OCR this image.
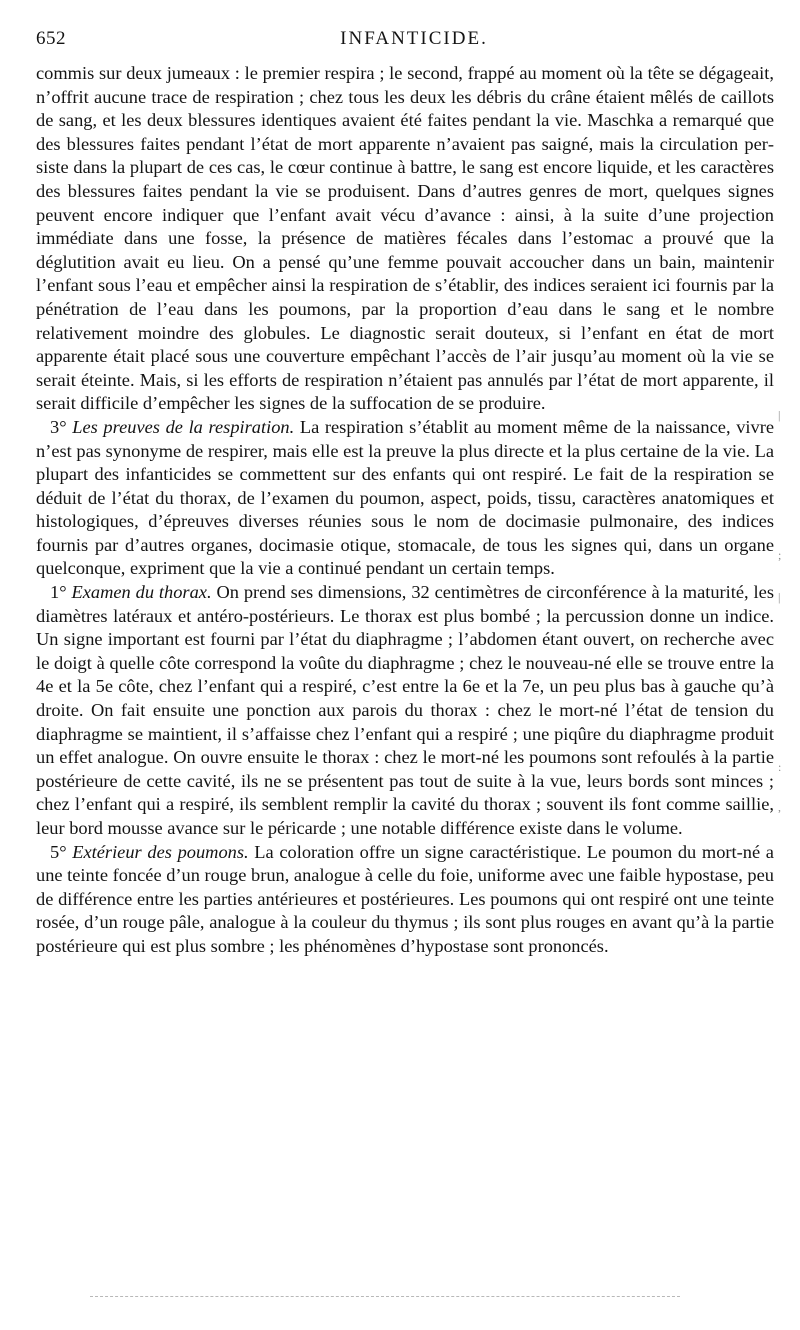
652	INFANTICIDE.

commis sur deux jumeaux : le premier respira ; le second, frappé au moment où la tête se dégageait, n’offrit aucune trace de respiration ; chez tous les deux les débris du crâne étaient mêlés de caillots de sang, et les deux blessures identiques avaient été faites pendant la vie. Maschka a remarqué que des blessures faites pendant l’état de mort apparente n’avaient pas saigné, mais la circulation persiste dans la plupart de ces cas, le cœur continue à battre, le sang est encore liquide, et les caractères des blessures faites pendant la vie se produisent. Dans d’autres genres de mort, quelques signes peuvent encore indiquer que l’enfant avait vécu d’avance : ainsi, à la suite d’une projection immédiate dans une fosse, la présence de matières fécales dans l’estomac a prouvé que la déglutition avait eu lieu. On a pensé qu’une femme pouvait accoucher dans un bain, maintenir l’enfant sous l’eau et empêcher ainsi la respiration de s’établir, des indices seraient ici fournis par la pénétration de l’eau dans les poumons, par la proportion d’eau dans le sang et le nombre relativement moindre des globules. Le diagnostic serait douteux, si l’enfant en état de mort apparente était placé sous une couverture empêchant l’accès de l’air jusqu’au moment où la vie se serait éteinte. Mais, si les efforts de respiration n’étaient pas annulés par l’état de mort apparente, il serait difficile d’empêcher les signes de la suffocation de se produire.

3° Les preuves de la respiration. La respiration s’établit au moment même de la naissance, vivre n’est pas synonyme de respirer, mais elle est la preuve la plus directe et la plus certaine de la vie. La plupart des infanticides se commettent sur des enfants qui ont respiré. Le fait de la respiration se déduit de l’état du thorax, de l’examen du poumon, aspect, poids, tissu, caractères anatomiques et histologiques, d’épreuves diverses réunies sous le nom de docimasie pulmonaire, des indices fournis par d’autres organes, docimasie otique, stomacale, de tous les signes qui, dans un organe quelconque, expriment que la vie a continué pendant un certain temps.

1° Examen du thorax. On prend ses dimensions, 32 centimètres de circonférence à la maturité, les diamètres latéraux et antéro-postérieurs. Le thorax est plus bombé ; la percussion donne un indice. Un signe important est fourni par l’état du diaphragme ; l’abdomen étant ouvert, on recherche avec le doigt à quelle côte correspond la voûte du diaphragme ; chez le nouveau-né elle se trouve entre la 4e et la 5e côte, chez l’enfant qui a respiré, c’est entre la 6e et la 7e, un peu plus bas à gauche qu’à droite. On fait ensuite une ponction aux parois du thorax : chez le mort-né l’état de tension du diaphragme se maintient, il s’affaisse chez l’enfant qui a respiré ; une piqûre du diaphragme produit un effet analogue. On ouvre ensuite le thorax : chez le mort-né les poumons sont refoulés à la partie postérieure de cette cavité, ils ne se présentent pas tout de suite à la vue, leurs bords sont minces ; chez l’enfant qui a respiré, ils semblent remplir la cavité du thorax ; souvent ils font comme saillie, leur bord mousse avance sur le péricarde ; une notable différence existe dans le volume.

5° Extérieur des poumons. La coloration offre un signe caractéristique. Le poumon du mort-né a une teinte foncée d’un rouge brun, analogue à celle du foie, uniforme avec une faible hypostase, peu de différence entre les parties antérieures et postérieures. Les poumons qui ont respiré ont une teinte rosée, d’un rouge pâle, analogue à la couleur du thymus ; ils sont plus rouges en avant qu’à la partie postérieure qui est plus sombre ; les phénomènes d’hypostase sont prononcés.

|
;
|
:
,
